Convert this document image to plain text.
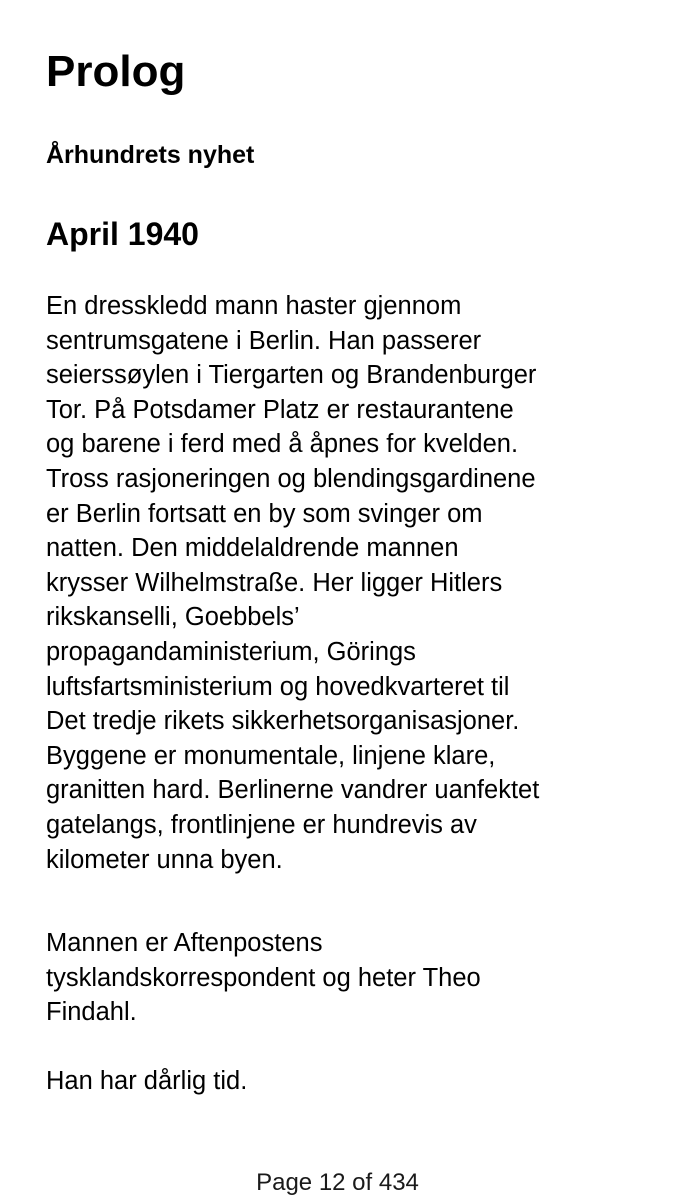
Prolog
Århundrets nyhet
April 1940

En dresskledd mann haster gjennom
sentrumsgatene i Berlin. Han passerer
seierssøylen i Tiergarten og Brandenburger
Tor. På Potsdamer Platz er restaurantene
og barene i ferd med å åpnes for kvelden.
Tross rasjoneringen og blendingsgardinene
er Berlin fortsatt en by som svinger om
natten. Den middelaldrende mannen
krysser Wilhelmstraße. Her ligger Hitlers
rikskanselli, Goebbels’
propagandaministerium, Görings
luftsfartsministerium og hovedkvarteret til
Det tredje rikets sikkerhetsorganisasjoner.
Byggene er monumentale, linjene klare,
granitten hard. Berlinerne vandrer uanfektet
gatelangs, frontlinjene er hundrevis av
kilometer unna byen.

Mannen er Aftenpostens
tysklandskorrespondent og heter Theo
Findahl.

Han har dårlig tid.

Page 12 of 434
